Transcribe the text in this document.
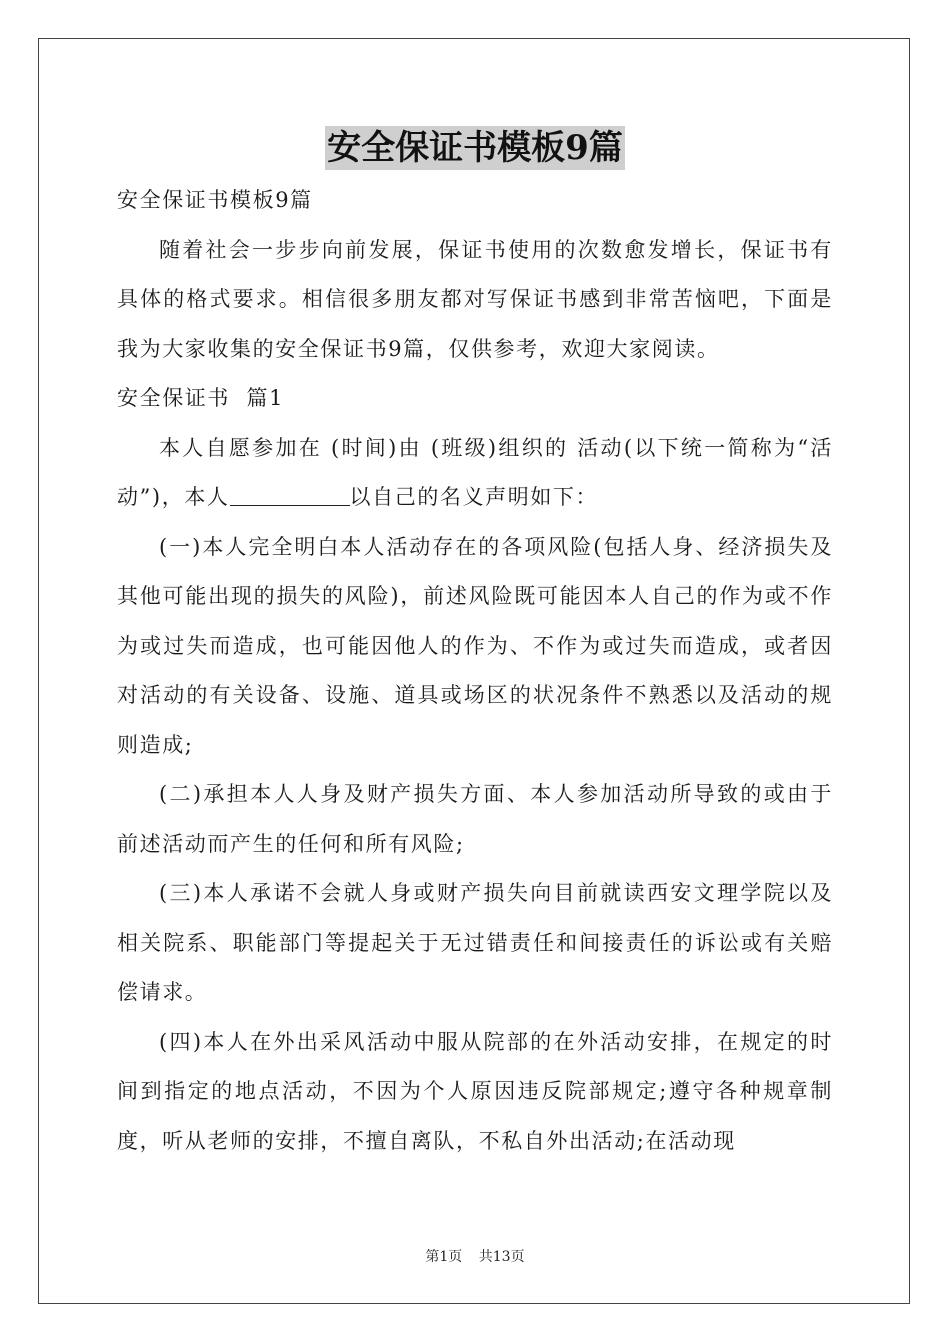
安全保证书模板9篇

安全保证书模板9篇

随着社会一步步向前发展，保证书使用的次数愈发增长，保证书有具体的格式要求。相信很多朋友都对写保证书感到非常苦恼吧，下面是我为大家收集的安全保证书9篇，仅供参考，欢迎大家阅读。

安全保证书  篇1

本人自愿参加在 (时间)由 (班级)组织的 活动(以下统一简称为“活动”)，本人	以自己的名义声明如下：

(一)本人完全明白本人活动存在的各项风险(包括人身、经济损失及其他可能出现的损失的风险)，前述风险既可能因本人自己的作为或不作为或过失而造成，也可能因他人的作为、不作为或过失而造成，或者因对活动的有关设备、设施、道具或场区的状况条件不熟悉以及活动的规则造成;

(二)承担本人人身及财产损失方面、本人参加活动所导致的或由于前述活动而产生的任何和所有风险;

(三)本人承诺不会就人身或财产损失向目前就读西安文理学院以及相关院系、职能部门等提起关于无过错责任和间接责任的诉讼或有关赔偿请求。

(四)本人在外出采风活动中服从院部的在外活动安排，在规定的时间到指定的地点活动，不因为个人原因违反院部规定;遵守各种规章制度，听从老师的安排，不擅自离队，不私自外出活动;在活动现

第1页 共13页
